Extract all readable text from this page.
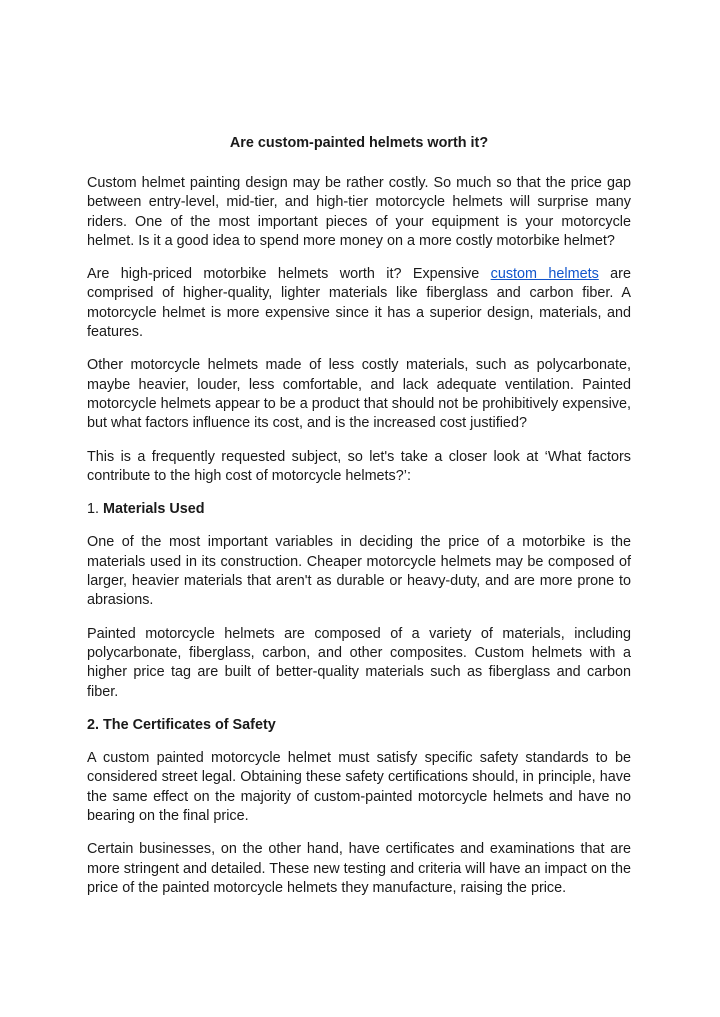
Are custom-painted helmets worth it?

Custom helmet painting design may be rather costly. So much so that the price gap between entry-level, mid-tier, and high-tier motorcycle helmets will surprise many riders. One of the most important pieces of your equipment is your motorcycle helmet. Is it a good idea to spend more money on a more costly motorbike helmet?

Are high-priced motorbike helmets worth it? Expensive custom helmets are comprised of higher-quality, lighter materials like fiberglass and carbon fiber. A motorcycle helmet is more expensive since it has a superior design, materials, and features.

Other motorcycle helmets made of less costly materials, such as polycarbonate, maybe heavier, louder, less comfortable, and lack adequate ventilation. Painted motorcycle helmets appear to be a product that should not be prohibitively expensive, but what factors influence its cost, and is the increased cost justified?

This is a frequently requested subject, so let's take a closer look at ‘What factors contribute to the high cost of motorcycle helmets?’:

1. Materials Used

One of the most important variables in deciding the price of a motorbike is the materials used in its construction. Cheaper motorcycle helmets may be composed of larger, heavier materials that aren't as durable or heavy-duty, and are more prone to abrasions.

Painted motorcycle helmets are composed of a variety of materials, including polycarbonate, fiberglass, carbon, and other composites. Custom helmets with a higher price tag are built of better-quality materials such as fiberglass and carbon fiber.

2. The Certificates of Safety

A custom painted motorcycle helmet must satisfy specific safety standards to be considered street legal. Obtaining these safety certifications should, in principle, have the same effect on the majority of custom-painted motorcycle helmets and have no bearing on the final price.

Certain businesses, on the other hand, have certificates and examinations that are more stringent and detailed. These new testing and criteria will have an impact on the price of the painted motorcycle helmets they manufacture, raising the price.
